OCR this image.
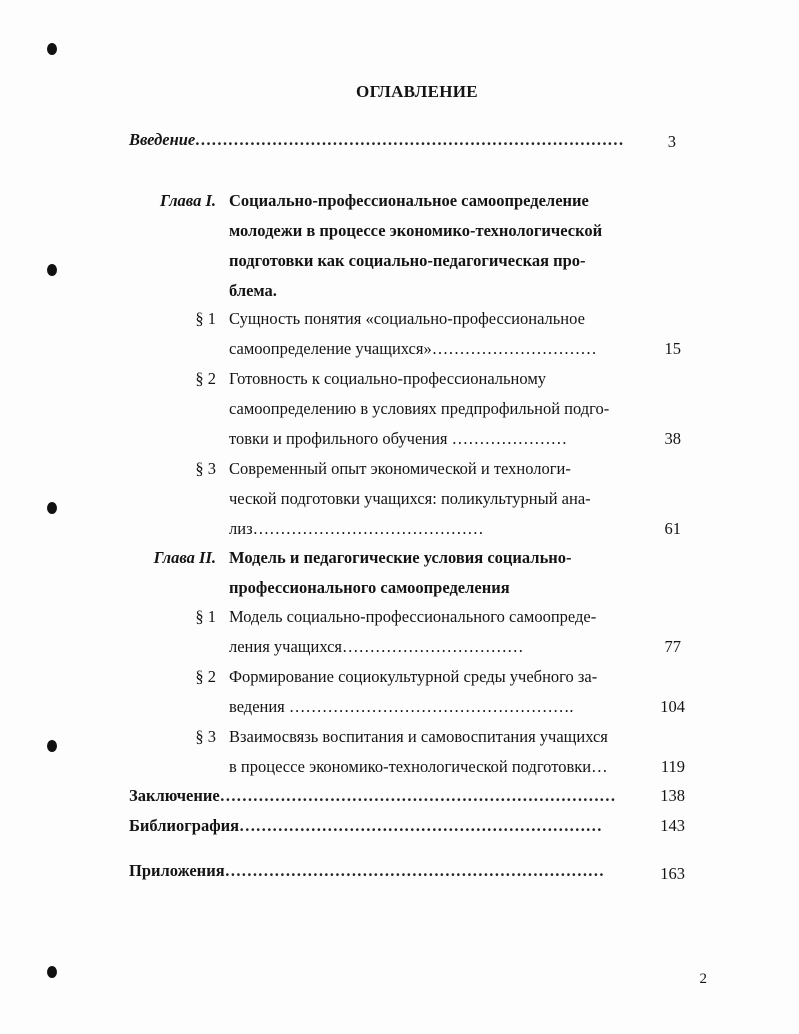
ОГЛАВЛЕНИЕ
Введение……………………………………………………………………	3
Глава I. Социально-профессиональное самоопределение
молодежи в процессе экономико-технологической
подготовки как социально-педагогическая про-
блема.
§ 1 Сущность понятия «социально-профессиональное
самоопределение учащихся»…………………………	15
§ 2 Готовность к социально-профессиональному
самоопределению в условиях предпрофильной подго-
товки и профильного обучения …………………	38
§ 3 Современный опыт экономической и технологи-
ческой подготовки учащихся: поликультурный ана-
лиз……………………………………	61
Глава II. Модель и педагогические условия социально-
профессионального самоопределения
§ 1 Модель социально-профессионального самоопреде-
ления учащихся……………………………	77
§ 2 Формирование социокультурной среды учебного за-
ведения …………………………………………….	104
§ 3 Взаимосвязь воспитания и самовоспитания учащихся
в процессе экономико-технологической подготовки…	119
Заключение………………………………………………………………	138
Библиография…………………………………………………………	143
Приложения……………………………………………………………	163
2
